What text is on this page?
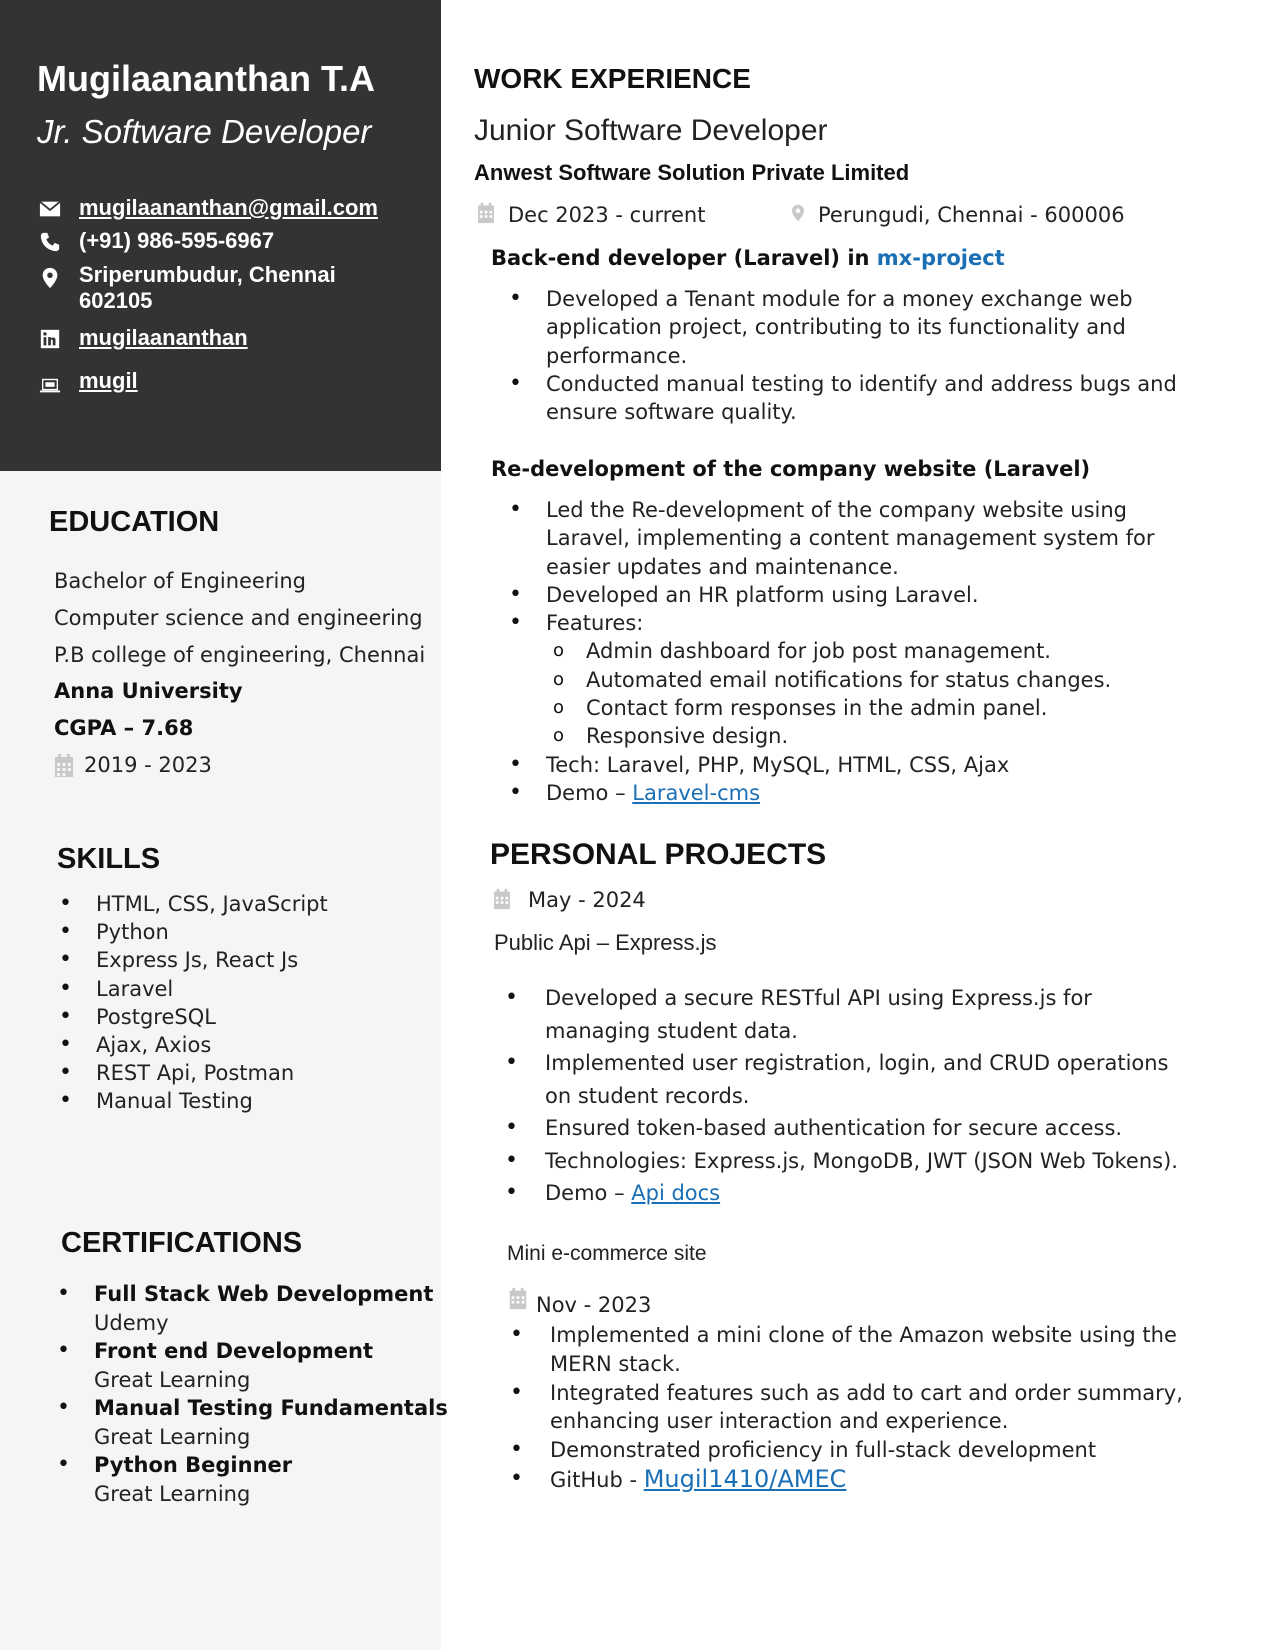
Mugilaananthan T.A
Jr. Software Developer
mugilaananthan@gmail.com
(+91) 986-595-6967
Sriperumbudur, Chennai
602105
mugilaananthan
mugil
EDUCATION
Bachelor of Engineering
Computer science and engineering
P.B college of engineering, Chennai
Anna University
CGPA – 7.68
2019 - 2023
SKILLS
• HTML, CSS, JavaScript
• Python
• Express Js, React Js
• Laravel
• PostgreSQL
• Ajax, Axios
• REST Api, Postman
• Manual Testing
CERTIFICATIONS
• Full Stack Web Development
Udemy
• Front end Development
Great Learning
• Manual Testing Fundamentals
Great Learning
• Python Beginner
Great Learning
WORK EXPERIENCE
Junior Software Developer
Anwest Software Solution Private Limited
Dec 2023 - current	Perungudi, Chennai - 600006
Back-end developer (Laravel) in mx-project
• Developed a Tenant module for a money exchange web
application project, contributing to its functionality and
performance.
• Conducted manual testing to identify and address bugs and
ensure software quality.
Re-development of the company website (Laravel)
• Led the Re-development of the company website using
Laravel, implementing a content management system for
easier updates and maintenance.
• Developed an HR platform using Laravel.
• Features:
o Admin dashboard for job post management.
o Automated email notifications for status changes.
o Contact form responses in the admin panel.
o Responsive design.
• Tech: Laravel, PHP, MySQL, HTML, CSS, Ajax
• Demo – Laravel-cms
PERSONAL PROJECTS
May - 2024
Public Api – Express.js
• Developed a secure RESTful API using Express.js for
managing student data.
• Implemented user registration, login, and CRUD operations
on student records.
• Ensured token-based authentication for secure access.
• Technologies: Express.js, MongoDB, JWT (JSON Web Tokens).
• Demo – Api docs
Mini e-commerce site
Nov - 2023
• Implemented a mini clone of the Amazon website using the
MERN stack.
• Integrated features such as add to cart and order summary,
enhancing user interaction and experience.
• Demonstrated proficiency in full-stack development
• GitHub - Mugil1410/AMEC
